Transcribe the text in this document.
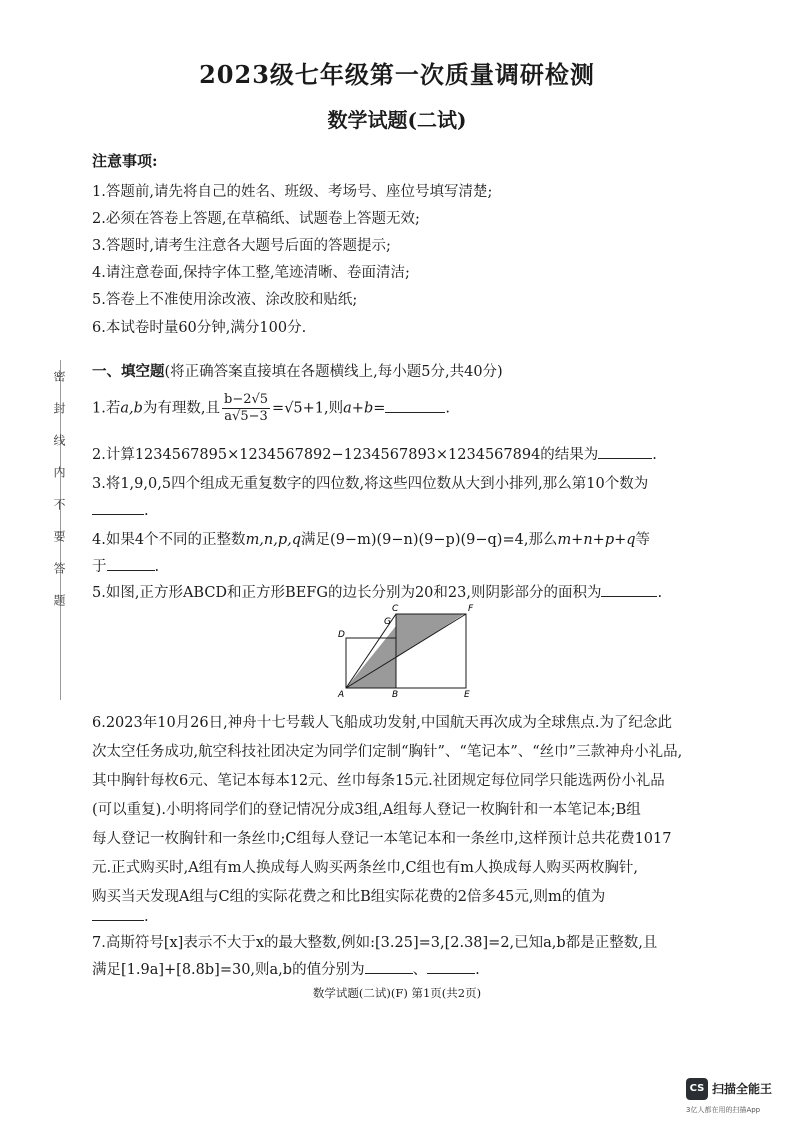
2023级七年级第一次质量调研检测
数学试题(二试)
注意事项:
1.答题前,请先将自己的姓名、班级、考场号、座位号填写清楚;
2.必须在答卷上答题,在草稿纸、试题卷上答题无效;
3.答题时,请考生注意各大题号后面的答题提示;
4.请注意卷面,保持字体工整,笔迹清晰、卷面清洁;
5.答卷上不准使用涂改液、涂改胶和贴纸;
6.本试卷时量60分钟,满分100分.
密封线内不要答题	一、填空题(将正确答案直接填在各题横线上,每小题5分,共40分)
1.若a,b为有理数,且 $\frac{b-2√5}{a√5-3} =√5+1$,则a+b=	.
2.计算1234567895×1234567892−1234567893×1234567894的结果为	.
3.将1,9,0,5四个组成无重复数字的四位数,将这些四位数从大到小排列,那么第10个数为
.
4.如果4个不同的正整数m,n,p,q满足(9−m)(9−n)(9−p)(9−q)=4,那么m+n+p+q等
于	.
5.如图,正方形ABCD和正方形BEFG的边长分别为20和23,则阴影部分的面积为	.
A	B
C
D
E
F
G
6.2023年10月26日,神舟十七号载人飞船成功发射,中国航天再次成为全球焦点.为了纪念此
次太空任务成功,航空科技社团决定为同学们定制“胸针”、“笔记本”、“丝巾”三款神舟小礼品,
其中胸针每枚6元、笔记本每本12元、丝巾每条15元.社团规定每位同学只能选两份小礼品
(可以重复).小明将同学们的登记情况分成3组,A组每人登记一枚胸针和一本笔记本;B组
每人登记一枚胸针和一条丝巾;C组每人登记一本笔记本和一条丝巾,这样预计总共花费1017
元.正式购买时,A组有m人换成每人购买两条丝巾,C组也有m人换成每人购买两枚胸针,
购买当天发现A组与C组的实际花费之和比B组实际花费的2倍多45元,则m的值为
.
7.高斯符号[x]表示不大于x的最大整数,例如:[3.25]=3,[2.38]=2,已知a,b都是正整数,且
满足[1.9a]+[8.8b]=30,则a,b的值分别为	、	.
数学试题(二试)(F) 第1页(共2页)
CS 扫描全能王
3亿人都在用的扫描App
